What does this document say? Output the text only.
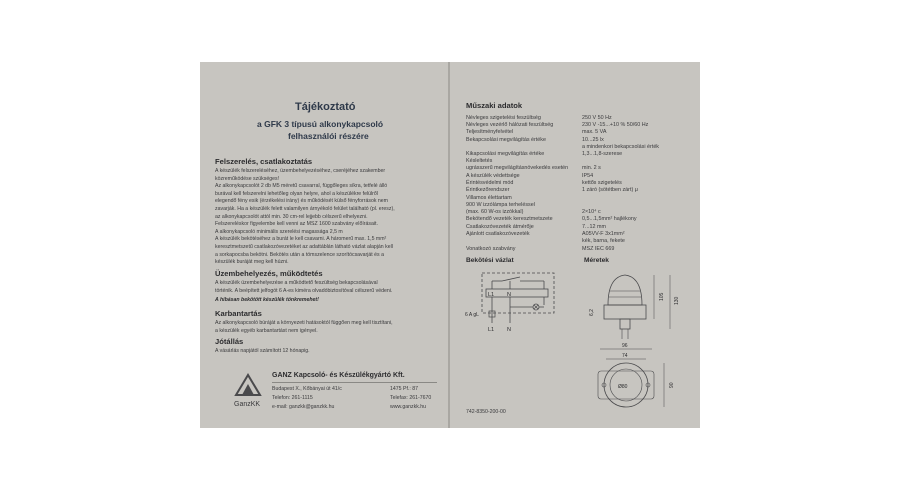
Tájékoztató
a GFK 3 típusú alkonykapcsoló
felhasználói részére
Felszerelés, csatlakoztatás
Üzembehelyezés, működtetés
A hibásan bekötött készülék tönkremehet!
Karbantartás
Jótállás
GanzKK
GANZ Kapcsoló- és Készülékgyártó Kft.
Budapest X., Kőbányai út 41/c	1475 Pf.: 87
Telefon: 261-1115	Telefax: 261-7670
e-mail: ganzkk@ganzkk.hu	www.ganzkk.hu
Műszaki adatok
Bekötési vázlat	Méretek
L1 N
6 A gL
L1 N
105 130
6,2
96
74
Ø80	90
742-8350-200-00
A készülék felszereléséhez, üzembehelyezéséhez, cseréjéhez szakember
közreműködése szükséges!
Az alkonykapcsolót 2 db M5 méretű csavarral, függőleges síkra, tetfelé álló
burával kell felszerelni lehetőleg olyan helyre, ahol a készülékre felülről
elegendő fény esik (érzékelési irány) és működését külső fényforrások nem
zavarják. Ha a készülék felett valamilyen árnyékoló felület található (pl. eresz),
az alkonykapcsolót attól min. 30 cm-rel lejjebb célszerű elhelyezni.
Felszereléskor figyelembe kell venni az MSZ 1600 szabvány előírásait.
A alkonykapcsoló minimális szerelési magassága 2,5 m
A készülék bekötéséhez a burát le kell csavarni. A háromerű max. 1,5 mm²
keresztmetszetű csatlakozóvezetéket az adattáblán látható vázlat alapján kell
a sorkapocsba bekötni. Bekötés után a tömszelence szorítócsavarját és a
készülék buráját meg kell húzni.
A készülék üzembehelyezése a működtető feszültség bekapcsolásával
történik. A beépített jelfogót 6 A-es kiméra olvadóbiztosítóval célszerű védeni.
Az alkonykapcsoló búráját a környezeti hatásoktól függően meg kell tisztítani,
a készülék egyéb karbantartást nem igényel.
A vásárlás napjától számított 12 hónapig.
Névleges szigetelési feszültség	250 V 50 Hz
Névleges vezérlő hálózati feszültség	230 V -15...+10 % 50/60 Hz
Teljesítményfelvétel	max. 5 VA
Bekapcsolási megvilágítás értéke	10...25 lx
a mindenkori bekapcsolási érték
Kikapcsolási megvilágítás értéke	1,3...1,8-szerese
Késleltetés
ugrásszerű megvilágításnövekedés esetén	min. 2 s
A készülék védettsége	IP54
Érintésvédelmi mód	kettős szigetelés
Érintkezőrendszer	1 záró (sötétben zárt) μ
Villamos élettartam
900 W izzólámpa terheléssel
(max. 60 W-os izzókkal)	2×10⁴ c
Bekötendő vezeték keresztmetszete	0,5...1,5mm² hajlékony
Csatlakozóvezeték átmérője	7...12 mm
Ajánlott csatlakozóvezeték	A05VV-F 3x1mm²
kék, barna, fekete
Vonatkozó szabvány	MSZ IEC 669
